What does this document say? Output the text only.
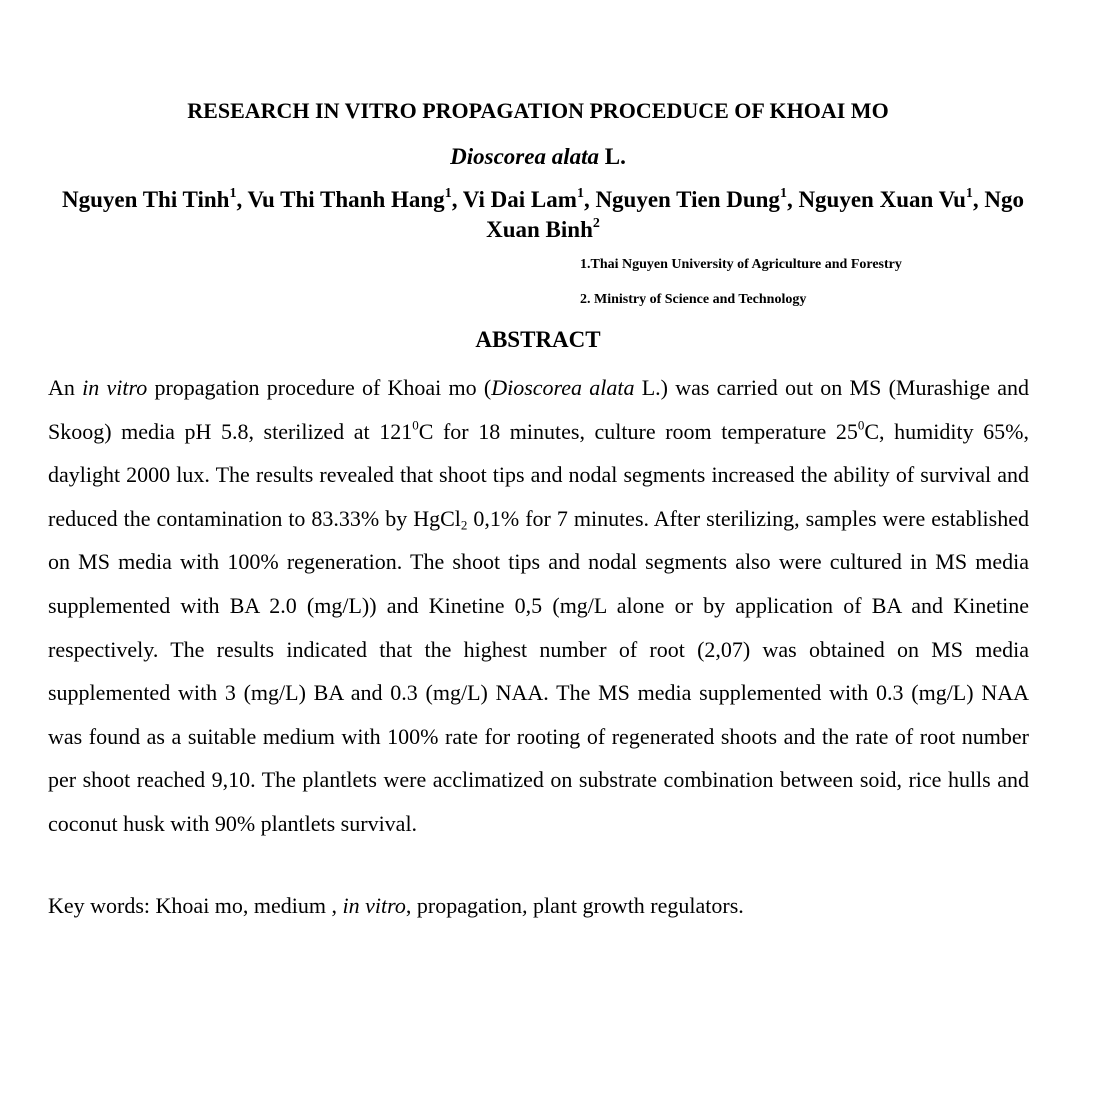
RESEARCH IN VITRO PROPAGATION PROCEDUCE OF KHOAI MO
Dioscorea alata L.
Nguyen Thi Tinh$^1$, Vu Thi Thanh Hang$^1$, Vi Dai Lam$^1$, Nguyen Tien Dung$^1$, Nguyen Xuan Vu$^1$, Ngo Xuan Binh$^2$
1.Thai Nguyen University of Agriculture and Forestry
2. Ministry of Science and Technology
ABSTRACT
An in vitro propagation procedure of Khoai mo (Dioscorea alata L.) was carried out on MS (Murashige and Skoog) media pH 5.8, sterilized at $121^0C$ for 18 minutes, culture room temperature $25^0C$, humidity 65%, daylight 2000 lux. The results revealed that shoot tips and nodal segments increased the ability of survival and reduced the contamination to 83.33% by HgCl$_2$ 0,1% for 7 minutes. After sterilizing, samples were established on MS media with 100% regeneration. The shoot tips and nodal segments also were cultured in MS media supplemented with BA 2.0 (mg/L)) and Kinetine 0,5 (mg/L alone or by application of BA and Kinetine respectively. The results indicated that the highest number of root (2,07) was obtained on MS media supplemented with 3 (mg/L) BA and 0.3 (mg/L) NAA. The MS media supplemented with 0.3 (mg/L) NAA was found as a suitable medium with 100% rate for rooting of regenerated shoots and the rate of root number per shoot reached 9,10. The plantlets were acclimatized on substrate combination between soid, rice hulls and coconut husk with 90% plantlets survival.
Key words: Khoai mo, medium , in vitro, propagation, plant growth regulators.
